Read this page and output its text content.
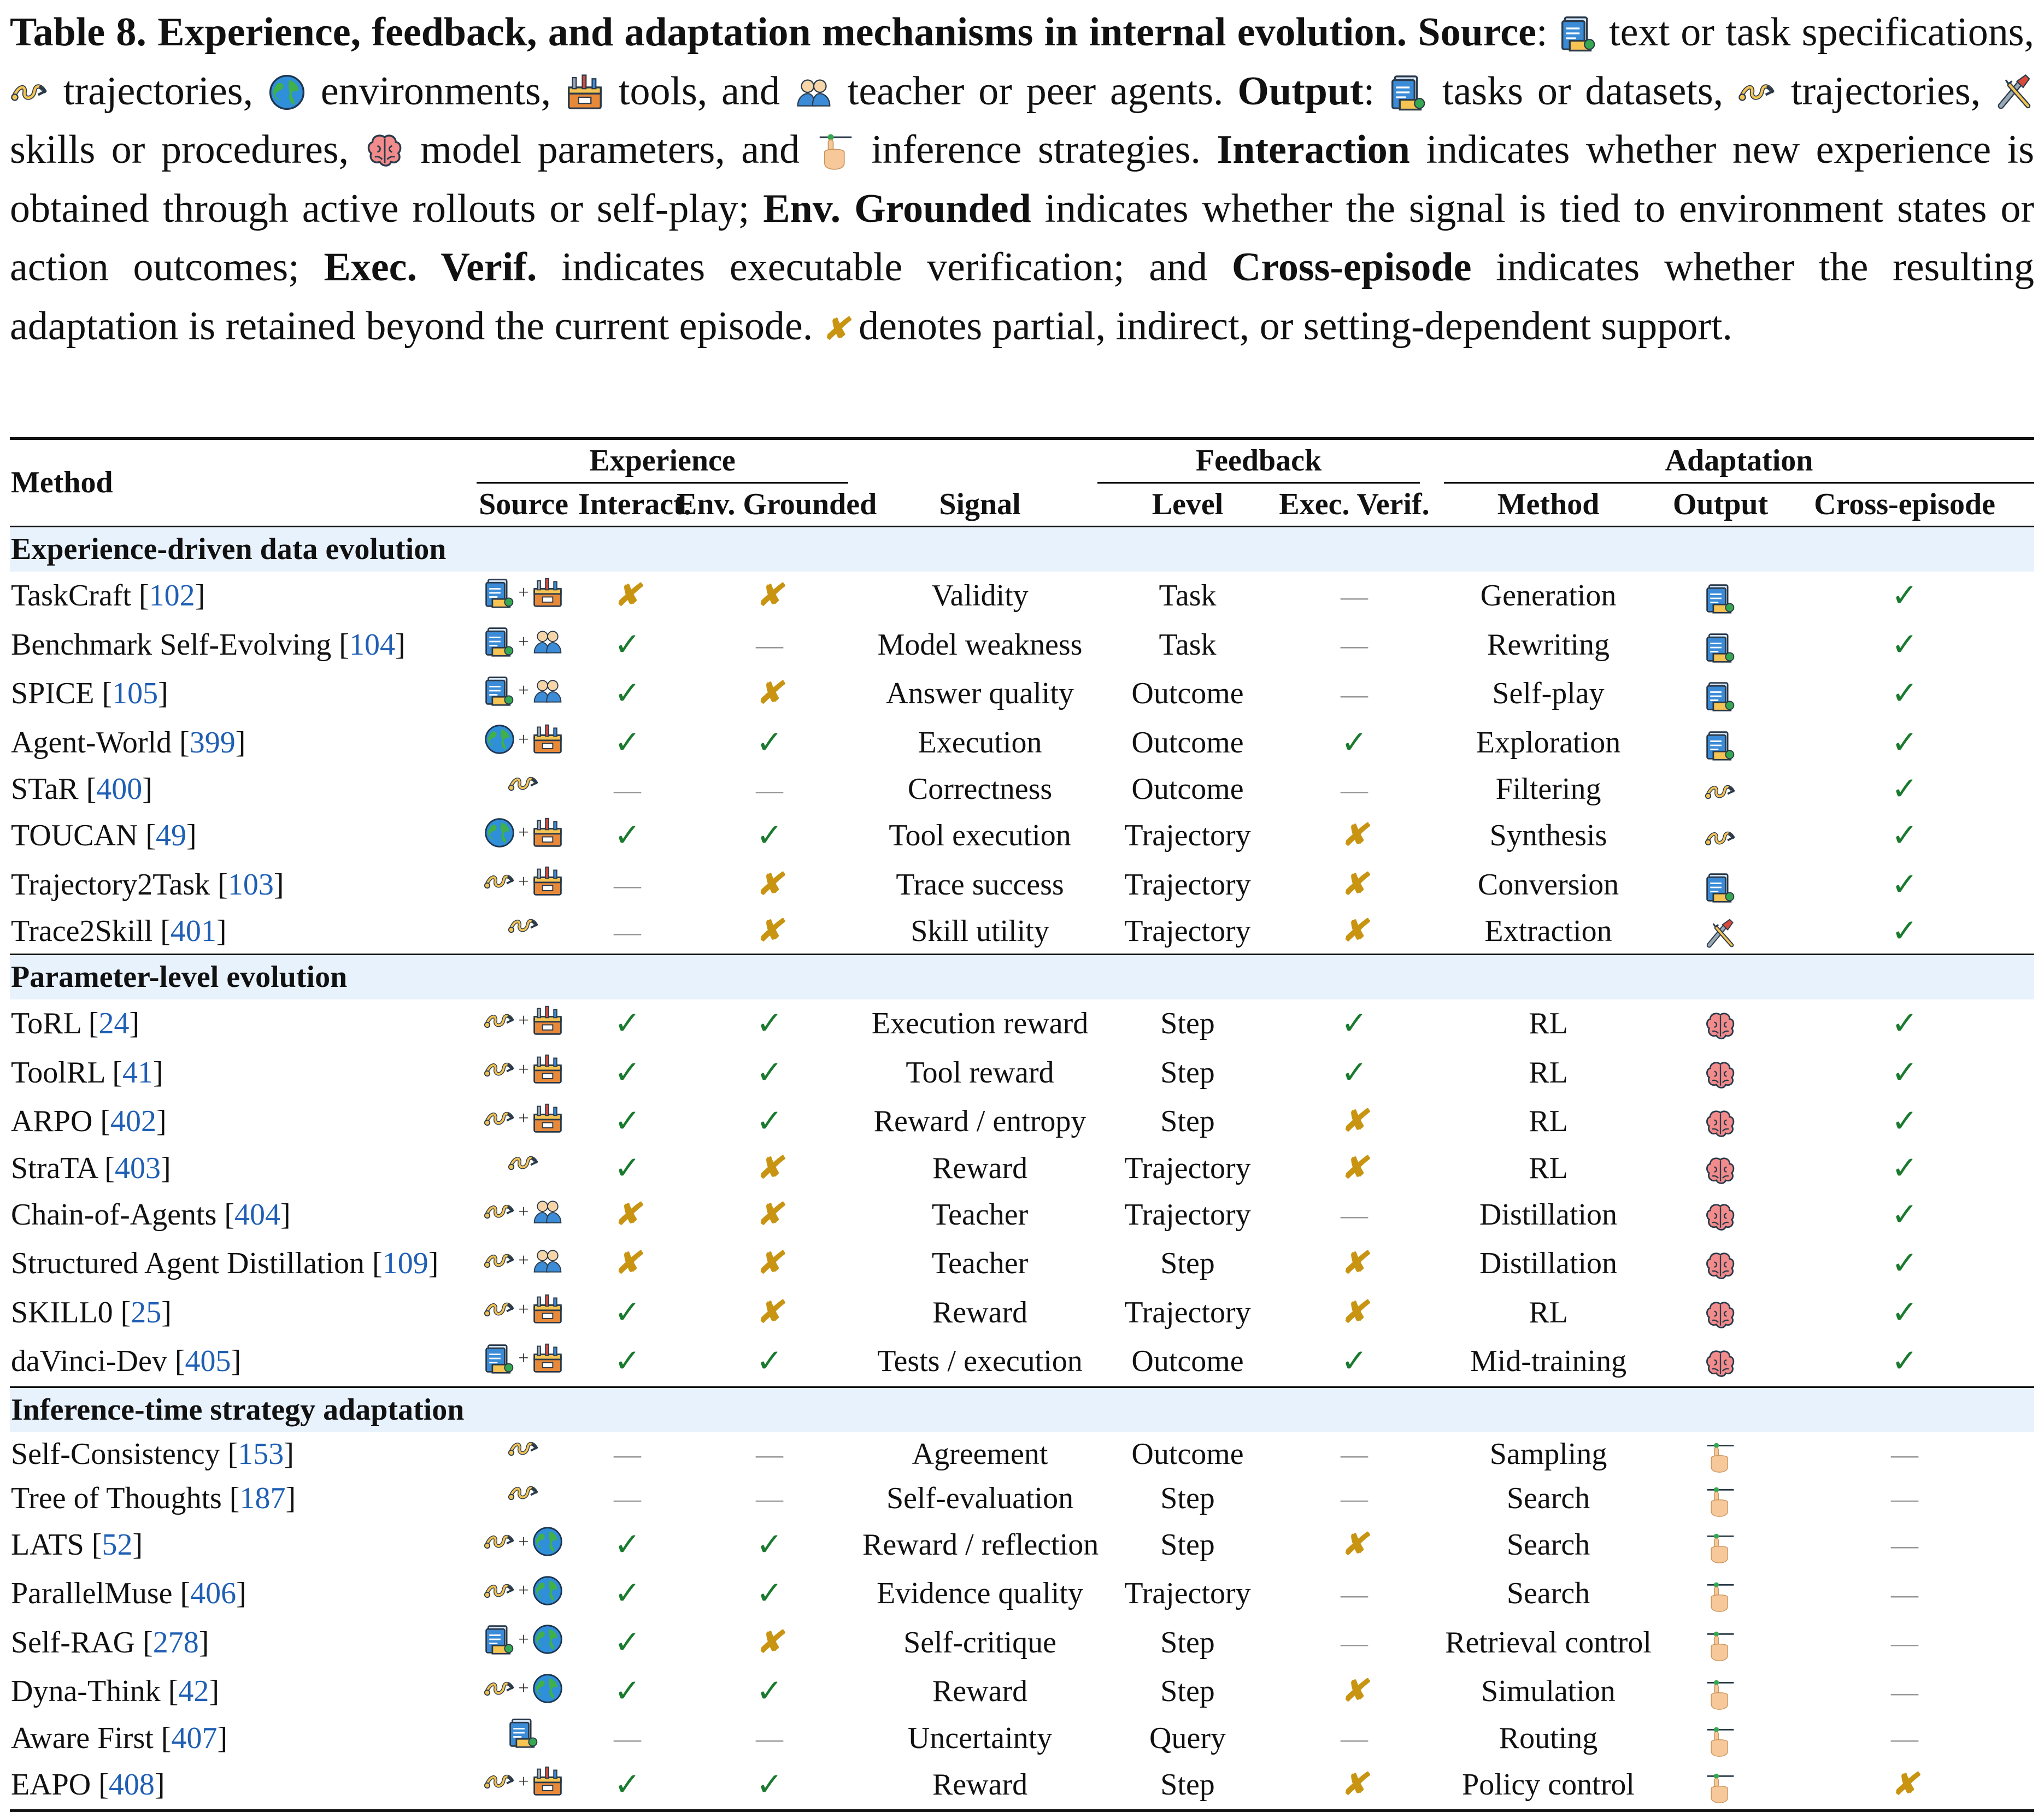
Table 8. Experience, feedback, and adaptation mechanisms in internal evolution. Source:
text or task specifications,
trajectories, environments, tools, and teacher or peer agents. Output:
tasks or datasets, trajectories,
skills or procedures, model parameters, and inference strategies. Interaction indicates whether new experience is obtained through active rollouts or self-play; Env. Grounded indicates whether the signal is tied to environment states or action outcomes; Exec. Verif. indicates executable verification; and Cross-episode indicates whether the resulting adaptation is retained beyond the current episode. ✘ denotes partial, indirect, or setting-dependent support.
Method	Experience				Feedback		Adaptation		

	Source	Interact.	Env. Grounded	Signal	Level	Exec. Verif.	Method	Output	Cross-episode
Experience-driven data evolution									
TaskCraft [102]	+	✘	✘	Validity	Task	—	Generation		✓
Benchmark Self-Evolving [104]	+	✓	—	Model weakness	Task	—	Rewriting		✓
SPICE [105]	+	✓	✘	Answer quality	Outcome	—	Self-play		✓
Agent-World [399]	+	✓	✓	Execution	Outcome	✓	Exploration		✓
STaR [400]		—	—	Correctness	Outcome	—	Filtering		✓
TOUCAN [49]	+	✓	✓	Tool execution	Trajectory	✘	Synthesis		✓
Trajectory2Task [103]	+	—	✘	Trace success	Trajectory	✘	Conversion		✓
Trace2Skill [401]		—	✘	Skill utility	Trajectory	✘	Extraction		✓
Parameter-level evolution									
ToRL [24]	+	✓	✓	Execution reward	Step	✓	RL		✓
ToolRL [41]	+	✓	✓	Tool reward	Step	✓	RL		✓
ARPO [402]	+	✓	✓	Reward / entropy	Step	✘	RL		✓
StraTA [403]		✓	✘	Reward	Trajectory	✘	RL		✓
Chain-of-Agents [404]	+	✘	✘	Teacher	Trajectory	—	Distillation		✓
Structured Agent Distillation [109]	+	✘	✘	Teacher	Step	✘	Distillation		✓
SKILL0 [25]	+	✓	✘	Reward	Trajectory	✘	RL		✓
daVinci-Dev [405]	+	✓	✓	Tests / execution	Outcome	✓	Mid-training		✓
Inference-time strategy adaptation									
Self-Consistency [153]		—	—	Agreement	Outcome	—	Sampling		—
Tree of Thoughts [187]		—	—	Self-evaluation	Step	—	Search		—
LATS [52]	+	✓	✓	Reward / reflection	Step	✘	Search		—
ParallelMuse [406]	+	✓	✓	Evidence quality	Trajectory	—	Search		—
Self-RAG [278]	+	✓	✘	Self-critique	Step	—	Retrieval control		—
Dyna-Think [42]	+	✓	✓	Reward	Step	✘	Simulation		—
Aware First [407]		—	—	Uncertainty	Query	—	Routing		—
EAPO [408]	+	✓	✓	Reward	Step	✘	Policy control		✘
